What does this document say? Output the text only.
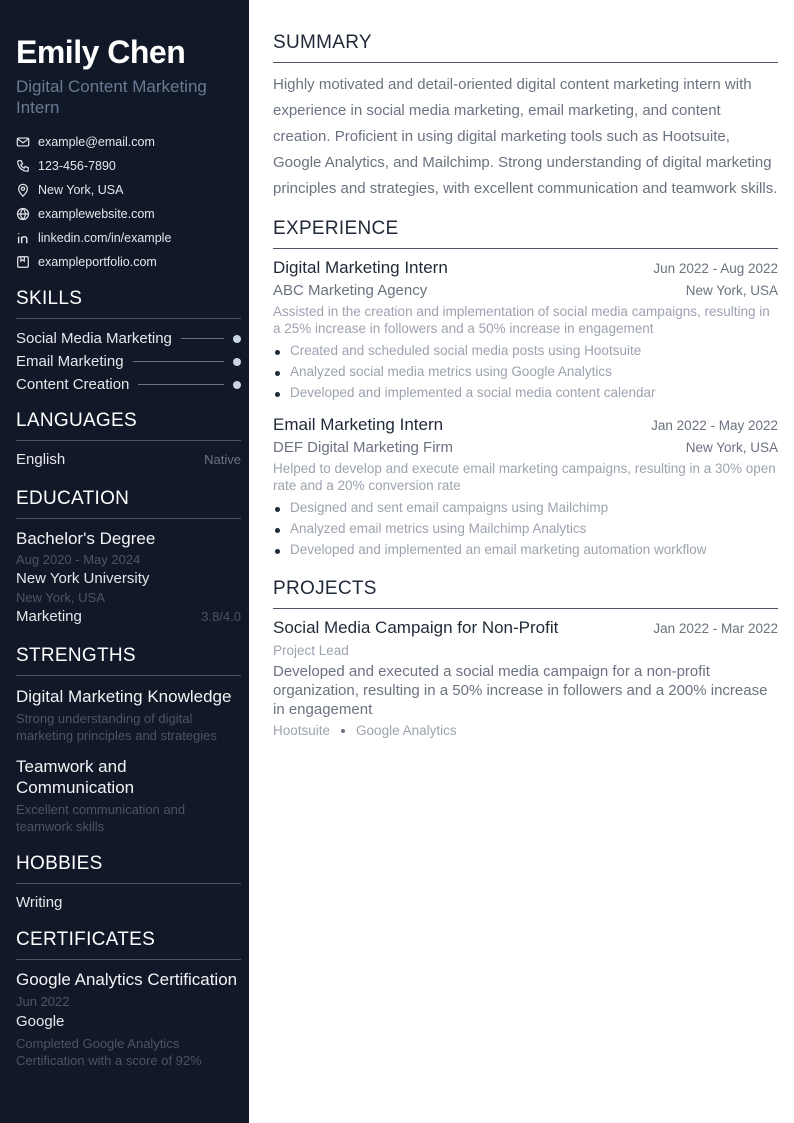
Emily Chen
Digital Content Marketing Intern
example@email.com
123-456-7890
New York, USA
examplewebsite.com
linkedin.com/in/example
exampleportfolio.com
SKILLS
Social Media Marketing
Email Marketing
Content Creation
LANGUAGES
English	Native
EDUCATION
Bachelor's Degree
Aug 2020 - May 2024
New York University
New York, USA
Marketing	3.8/4.0
STRENGTHS
Digital Marketing Knowledge
Strong understanding of digital marketing principles and strategies
Teamwork and Communication
Excellent communication and teamwork skills
HOBBIES
Writing
CERTIFICATES
Google Analytics Certification
Jun 2022
Google
Completed Google Analytics Certification with a score of 92%
SUMMARY
Highly motivated and detail-oriented digital content marketing intern with experience in social media marketing, email marketing, and content creation. Proficient in using digital marketing tools such as Hootsuite, Google Analytics, and Mailchimp. Strong understanding of digital marketing principles and strategies, with excellent communication and teamwork skills.
EXPERIENCE
Digital Marketing Intern	Jun 2022 - Aug 2022
ABC Marketing Agency	New York, USA
Assisted in the creation and implementation of social media campaigns, resulting in a 25% increase in followers and a 50% increase in engagement
Created and scheduled social media posts using Hootsuite
Analyzed social media metrics using Google Analytics
Developed and implemented a social media content calendar
Email Marketing Intern	Jan 2022 - May 2022
DEF Digital Marketing Firm	New York, USA
Helped to develop and execute email marketing campaigns, resulting in a 30% open rate and a 20% conversion rate
Designed and sent email campaigns using Mailchimp
Analyzed email metrics using Mailchimp Analytics
Developed and implemented an email marketing automation workflow
PROJECTS
Social Media Campaign for Non-Profit	Jan 2022 - Mar 2022
Project Lead
Developed and executed a social media campaign for a non-profit organization, resulting in a 50% increase in followers and a 200% increase in engagement
Hootsuite Google Analytics
